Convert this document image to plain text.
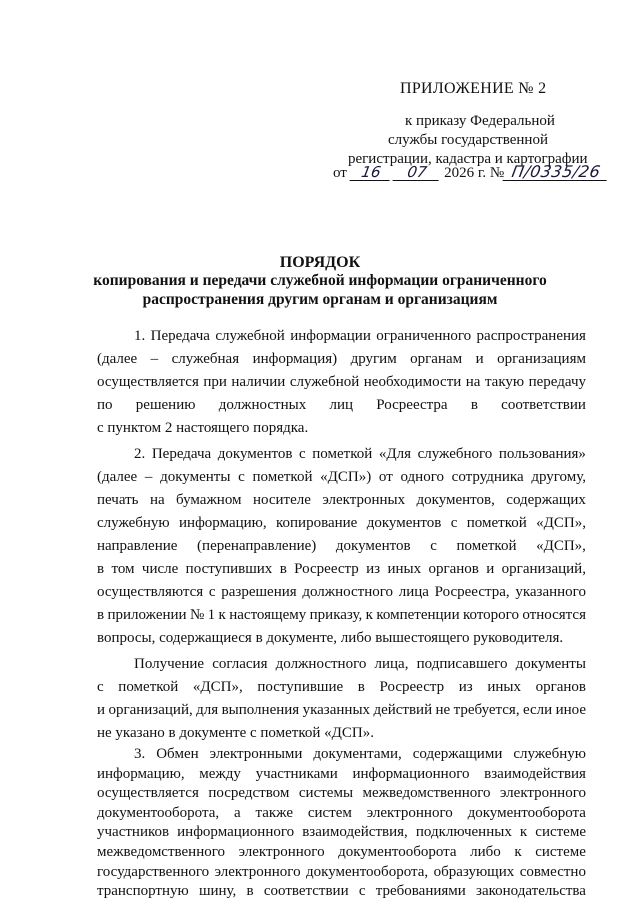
ПРИЛОЖЕНИЕ № 2
к приказу Федеральной
службы государственной
регистрации, кадастра и картографии
от 16 07 2026 г. № П/0335/26
ПОРЯДОК
копирования и передачи служебной информации ограниченного
распространения другим органам и организациям
1. Передача служебной информации ограниченного распространения
(далее – служебная информация) другим органам и организациям
осуществляется при наличии служебной необходимости на такую передачу
по решению должностных лиц Росреестра в соответствии
с пунктом 2 настоящего порядка.
2. Передача документов с пометкой «Для служебного пользования»
(далее – документы с пометкой «ДСП») от одного сотрудника другому,
печать на бумажном носителе электронных документов, содержащих
служебную информацию, копирование документов с пометкой «ДСП»,
направление (перенаправление) документов с пометкой «ДСП»,
в том числе поступивших в Росреестр из иных органов и организаций,
осуществляются с разрешения должностного лица Росреестра, указанного
в приложении № 1 к настоящему приказу, к компетенции которого относятся
вопросы, содержащиеся в документе, либо вышестоящего руководителя.
Получение согласия должностного лица, подписавшего документы
с пометкой «ДСП», поступившие в Росреестр из иных органов
и организаций, для выполнения указанных действий не требуется, если иное
не указано в документе с пометкой «ДСП».
3. Обмен электронными документами, содержащими служебную
информацию, между участниками информационного взаимодействия
осуществляется посредством системы межведомственного электронного
документооборота, а также систем электронного документооборота
участников информационного взаимодействия, подключенных к системе
межведомственного электронного документооборота либо к системе
государственного электронного документооборота, образующих совместно
транспортную шину, в соответствии с требованиями законодательства
